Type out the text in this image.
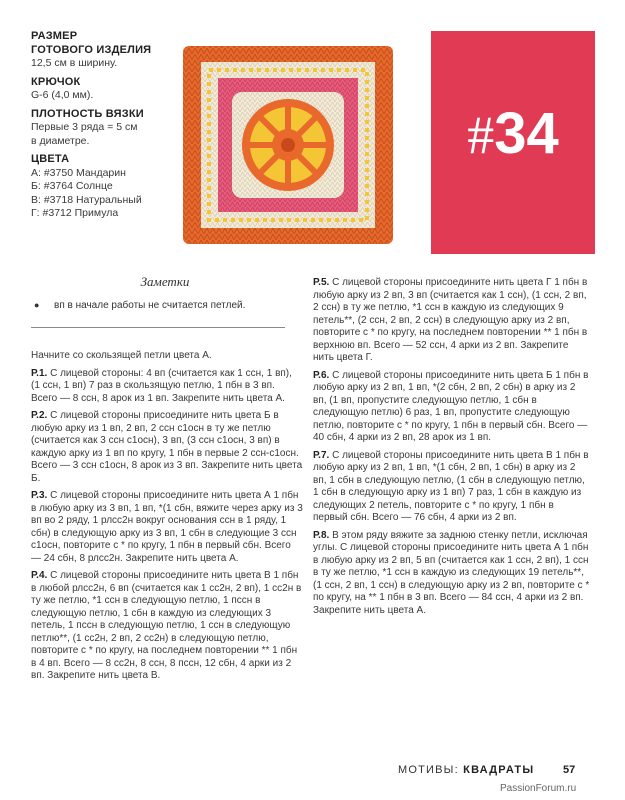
РАЗМЕР
ГОТОВОГО ИЗДЕЛИЯ
12,5 см в ширину.
КРЮЧОК
G-6 (4,0 мм).
ПЛОТНОСТЬ ВЯЗКИ
Первые 3 ряда = 5 см
в диаметре.
ЦВЕТА
А: #3750 Мандарин
Б: #3764 Солнце
В: #3718 Натуральный
Г: #3712 Примула
#34
Заметки
● вп в начале работы не считается петлей.

Начните со скользящей петли цвета А.

Р.1. С лицевой стороны: 4 вп (считается как 1 ссн, 1 вп), (1 ссн, 1 вп) 7 раз в скользящую петлю, 1 пбн в 3 вп. Всего — 8 ссн, 8 арок из 1 вп. Закрепите нить цвета А.

Р.2. С лицевой стороны присоедините нить цвета Б в любую арку из 1 вп, 2 вп, 2 ссн с1осн в ту же петлю (считается как 3 ссн с1осн), 3 вп, (3 ссн с1осн, 3 вп) в каждую арку из 1 вп по кругу, 1 пбн в первые 2 ссн-с1осн. Всего — 3 ссн с1осн, 8 арок из 3 вп. Закрепите нить цвета Б.

Р.3. С лицевой стороны присоедините нить цвета А 1 пбн в любую арку из 3 вп, 1 вп, *(1 сбн, вяжите через арку из 3 вп во 2 ряду, 1 рлсс2н вокруг основания ссн в 1 ряду, 1 сбн) в следующую арку из 3 вп, 1 сбн в следующие 3 ссн с1осн, повторите с * по кругу, 1 пбн в первый сбн. Всего — 24 сбн, 8 рлсс2н. Закрепите нить цвета А.

Р.4. С лицевой стороны присоедините нить цвета В 1 пбн в любой рлсс2н, 6 вп (считается как 1 сс2н, 2 вп), 1 сс2н в ту же петлю, *1 ссн в следующую петлю, 1 пссн в следующую петлю, 1 сбн в каждую из следующих 3 петель, 1 пссн в следующую петлю, 1 ссн в следующую петлю**, (1 сс2н, 2 вп, 2 сс2н) в следующую петлю, повторите с * по кругу, на последнем повторении ** 1 пбн в 4 вп. Всего — 8 сс2н, 8 ссн, 8 пссн, 12 сбн, 4 арки из 2 вп. Закрепите нить цвета В.

Р.5. С лицевой стороны присоедините нить цвета Г 1 пбн в любую арку из 2 вп, 3 вп (считается как 1 ссн), (1 ссн, 2 вп, 2 ссн) в ту же петлю, *1 ссн в каждую из следующих 9 петель**, (2 ссн, 2 вп, 2 ссн) в следующую арку из 2 вп, повторите с * по кругу, на последнем повторении ** 1 пбн в верхнюю вп. Всего — 52 ссн, 4 арки из 2 вп. Закрепите нить цвета Г.

Р.6. С лицевой стороны присоедините нить цвета Б 1 пбн в любую арку из 2 вп, 1 вп, *(2 сбн, 2 вп, 2 сбн) в арку из 2 вп, (1 вп, пропустите следующую петлю, 1 сбн в следующую петлю) 6 раз, 1 вп, пропустите следующую петлю, повторите с * по кругу, 1 пбн в первый сбн. Всего — 40 сбн, 4 арки из 2 вп, 28 арок из 1 вп.

Р.7. С лицевой стороны присоедините нить цвета В 1 пбн в любую арку из 2 вп, 1 вп, *(1 сбн, 2 вп, 1 сбн) в арку из 2 вп, 1 сбн в следующую петлю, (1 сбн в следующую петлю, 1 сбн в следующую арку из 1 вп) 7 раз, 1 сбн в каждую из следующих 2 петель, повторите с * по кругу, 1 пбн в первый сбн. Всего — 76 сбн, 4 арки из 2 вп.

Р.8. В этом ряду вяжите за заднюю стенку петли, исключая углы. С лицевой стороны присоедините нить цвета А 1 пбн в любую арку из 2 вп, 5 вп (считается как 1 ссн, 2 вп), 1 ссн в ту же петлю, *1 ссн в каждую из следующих 19 петель**, (1 ссн, 2 вп, 1 ссн) в следующую арку из 2 вп, повторите с * по кругу, на ** 1 пбн в 3 вп. Всего — 84 ссн, 4 арки из 2 вп. Закрепите нить цвета А.

МОТИВЫ: КВАДРАТЫ	57
PassionForum.ru
